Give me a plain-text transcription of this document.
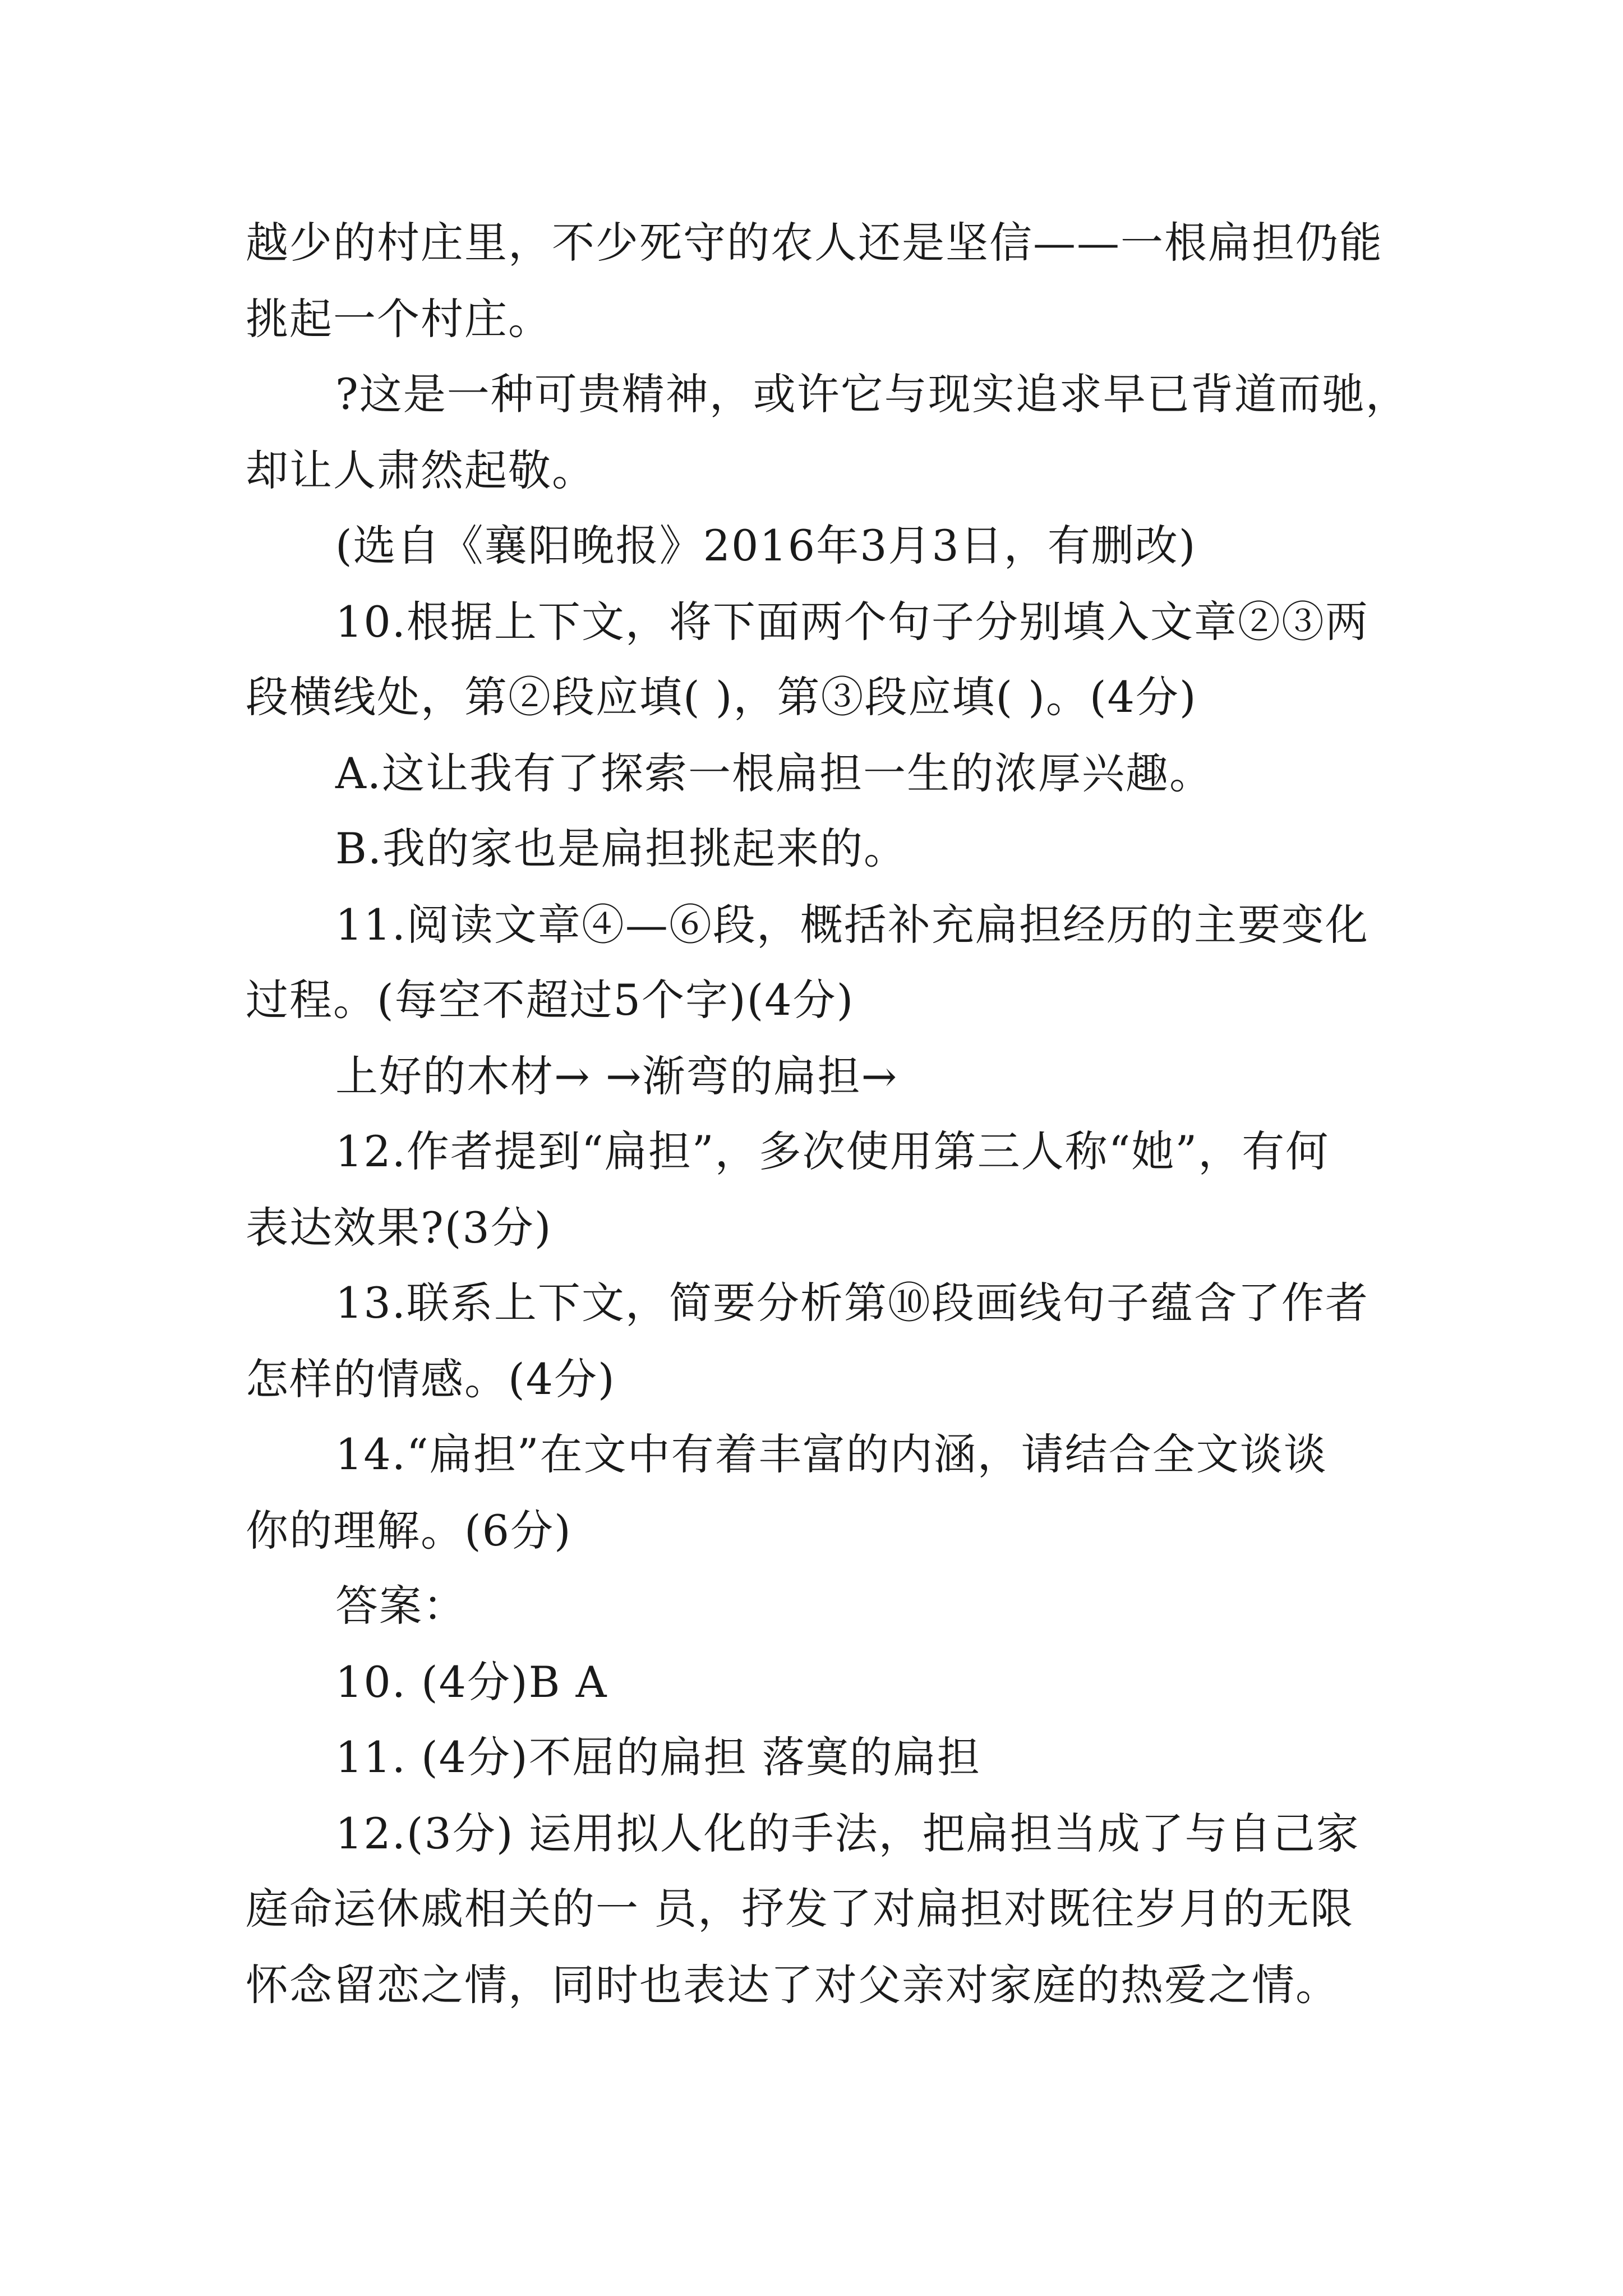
越少的村庄里，不少死守的农人还是坚信——一根扁担仍能
挑起一个村庄。
?这是一种可贵精神，或许它与现实追求早已背道而驰，
却让人肃然起敬。
(选自《襄阳晚报》2016年3月3日，有删改)
10.根据上下文，将下面两个句子分别填入文章②③两
段横线处，第②段应填( )，第③段应填( )。(4分)
A.这让我有了探索一根扁担一生的浓厚兴趣。
B.我的家也是扁担挑起来的。
11.阅读文章④—⑥段，概括补充扁担经历的主要变化
过程。(每空不超过5个字)(4分)
上好的木材→ →渐弯的扁担→
12.作者提到“扁担”，多次使用第三人称“她”，有何
表达效果?(3分)
13.联系上下文，简要分析第⑩段画线句子蕴含了作者
怎样的情感。(4分)
14.“扁担”在文中有着丰富的内涵，请结合全文谈谈
你的理解。(6分)
答案：
10. (4分)B A
11. (4分)不屈的扁担 落寞的扁担
12.(3分) 运用拟人化的手法，把扁担当成了与自己家
庭命运休戚相关的一 员，抒发了对扁担对既往岁月的无限
怀念留恋之情，同时也表达了对父亲对家庭的热爱之情。
